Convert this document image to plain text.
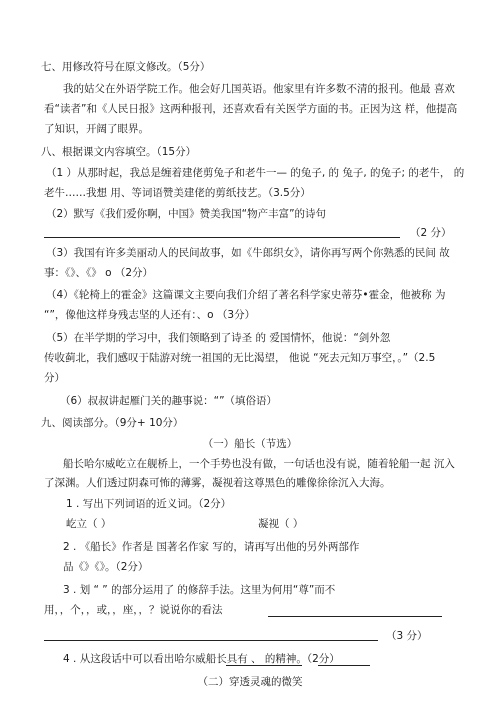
七、用修改符号在原文修改。（5分）
我的姑父在外语学院工作。他会好几国英语。他家里有许多数不清的报刊。他最 喜欢
看“读者”和《人民日报》这两种报刊，还喜欢看有关医学方面的书。正因为这 样，他提高
了知识，开阔了眼界。
八、根据课文内容填空。（15分）
（1 ）从那时起，我总是缠着建佬剪兔子和老牛一— 的兔子, 的 兔子, 的兔子; 的老牛， 的
老牛……我想 用、等词语赞美建佬的剪纸技艺。（3.5分）
（2）默写《我们爱你啊，中国》赞美我国“物产丰富”的诗句
（2 分）
（3）我国有许多美丽动人的民间故事，如《牛郎织女》，请你再写两个你熟悉的民间 故
事：《》、《》 o （2分）
（4）《轮椅上的霍金》这篇课文主要向我们介绍了著名科学家史蒂芬•霍金，他被称 为
“”，像他这样身残志坚的人还有：、o （3分）
（5）在半学期的学习中，我们领略到了诗圣 的 爱国情怀，他说：“剑外忽
传收蓟北，我们感叹于陆游对统一祖国的无比渴望， 他说 “死去元知万事空，。”（2.5
分）
（6）叔叔讲起雁门关的趣事说：“”（填俗语）
九、阅读部分。（9分+ 10分）
（一）船长（节选）
船长哈尔威屹立在舰桥上，一个手势也没有做，一句话也没有说，随着轮船一起 沉入
了深渊。人们透过阴森可怖的薄雾，凝视着这尊黑色的雕像徐徐沉入大海。
1 . 写出下列词语的近义词。（2分）
屹立（ ）	凝视（ ）
2 . 《船长》作者是 国著名作家 写的，请再写出他的另外两部作
品《》《》。（2分）
3 . 划 “ ” 的部分运用了 的修辞手法。这里为何用“尊”而不
用，，个，，或，，座，，？说说你的看法
（3 分）
4 . 从这段话中可以看出哈尔威船长具有 、 的精神。（2分）
（二）穿透灵魂的微笑
